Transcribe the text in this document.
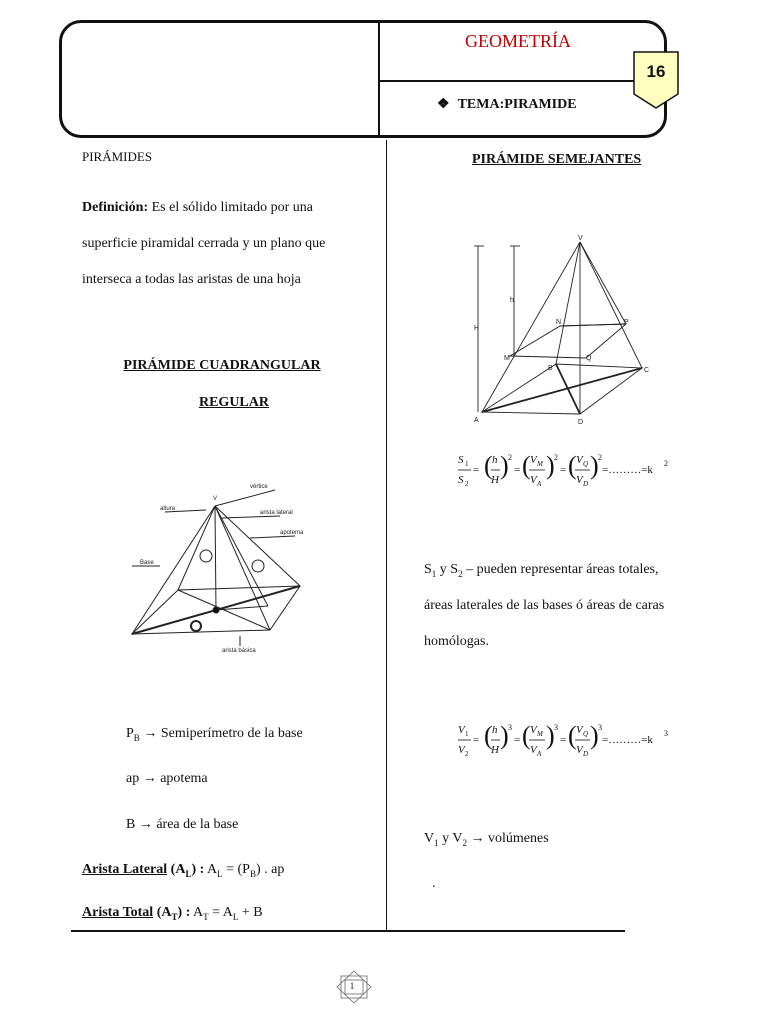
GEOMETRÍA
❖ TEMA:PIRAMIDE
16
PIRÁMIDES
Definición: Es el sólido limitado por una
superficie piramidal cerrada y un plano que
interseca a todas las aristas de una hoja
PIRÁMIDE CUADRANGULAR
REGULAR
V
vértice
altura
arista lateral
apotema
Base
arista básica
$P_B$ → Semiperímetro de la base
ap → apotema
B → área de la base
Arista Lateral $(A_L)$ : $A_L = (P_B)$ . ap
Arista Total $(A_T)$ : $A_T = A_L + B$
PIRÁMIDE SEMEJANTES
V
N	P
M	Q
B	C
A	D
H
h
S 1
S 2
= ( h
H ) 2
= ( V M
V A
) 2
= ( V Q
V D
) 2
=………=k
2
$S_1$ y $S_2$ – pueden representar áreas totales,
áreas laterales de las bases ó áreas de caras
homólogas.
V 1
V 2
= ( h
H ) 3
= ( V M
V A
) 3
= ( V Q
V D
) 3
=………=k
3
$V_1$ y $V_2$ → volúmenes
.
1
